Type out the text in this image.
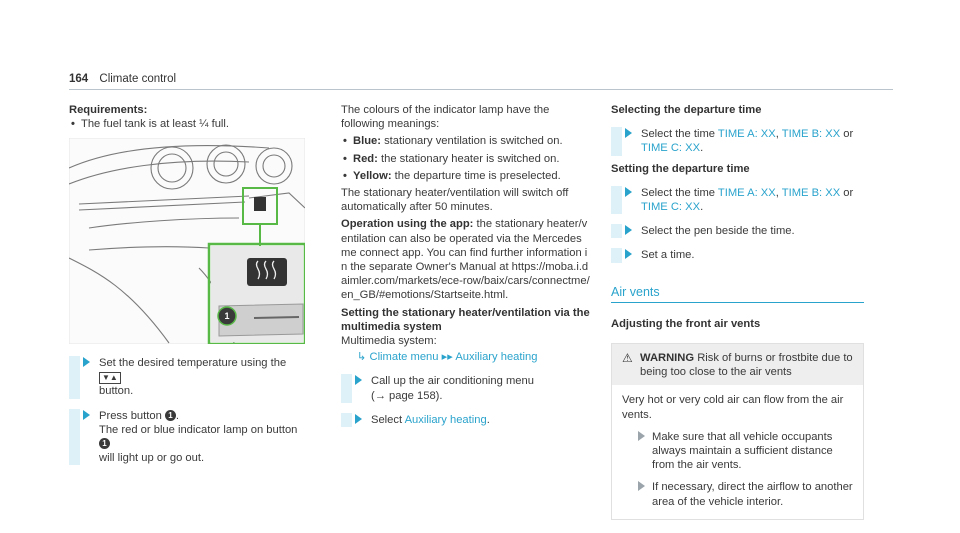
164 Climate control
Requirements:
• The fuel tank is at least ¼ full.
1
Set the desired temperature using the ▼▲
button.
Press button 1 .
The red or blue indicator lamp on button 1
will light up or go out.
The colours of the indicator lamp have the following meanings:
• Blue: stationary ventilation is switched on.
• Red: the stationary heater is switched on.
• Yellow: the departure time is preselected.
The stationary heater/ventilation will switch off automatically after 50 minutes.
Operation using the app: the stationary heater/ventilation can also be operated via the Mercedes me connect app. You can find further information in the separate Owner's Manual at https://moba.i.daimler.com/markets/ece-row/baix/cars/connectme/en_GB/#emotions/Startseite.html.
Setting the stationary heater/ventilation via the multimedia system
Multimedia system:
↳ Climate menu ▸▸ Auxiliary heating
Call up the air conditioning menu
(→ page 158).
Select Auxiliary heating.
Selecting the departure time
Select the time TIME A: XX, TIME B: XX or
TIME C: XX.
Setting the departure time
Select the time TIME A: XX, TIME B: XX or
TIME C: XX.
Select the pen beside the time.
Set a time.
Air vents
Adjusting the front air vents
⚠ WARNING Risk of burns or frostbite due to being too close to the air vents
Very hot or very cold air can flow from the air vents.
Make sure that all vehicle occupants always maintain a sufficient distance from the air vents.
If necessary, direct the airflow to another area of the vehicle interior.
